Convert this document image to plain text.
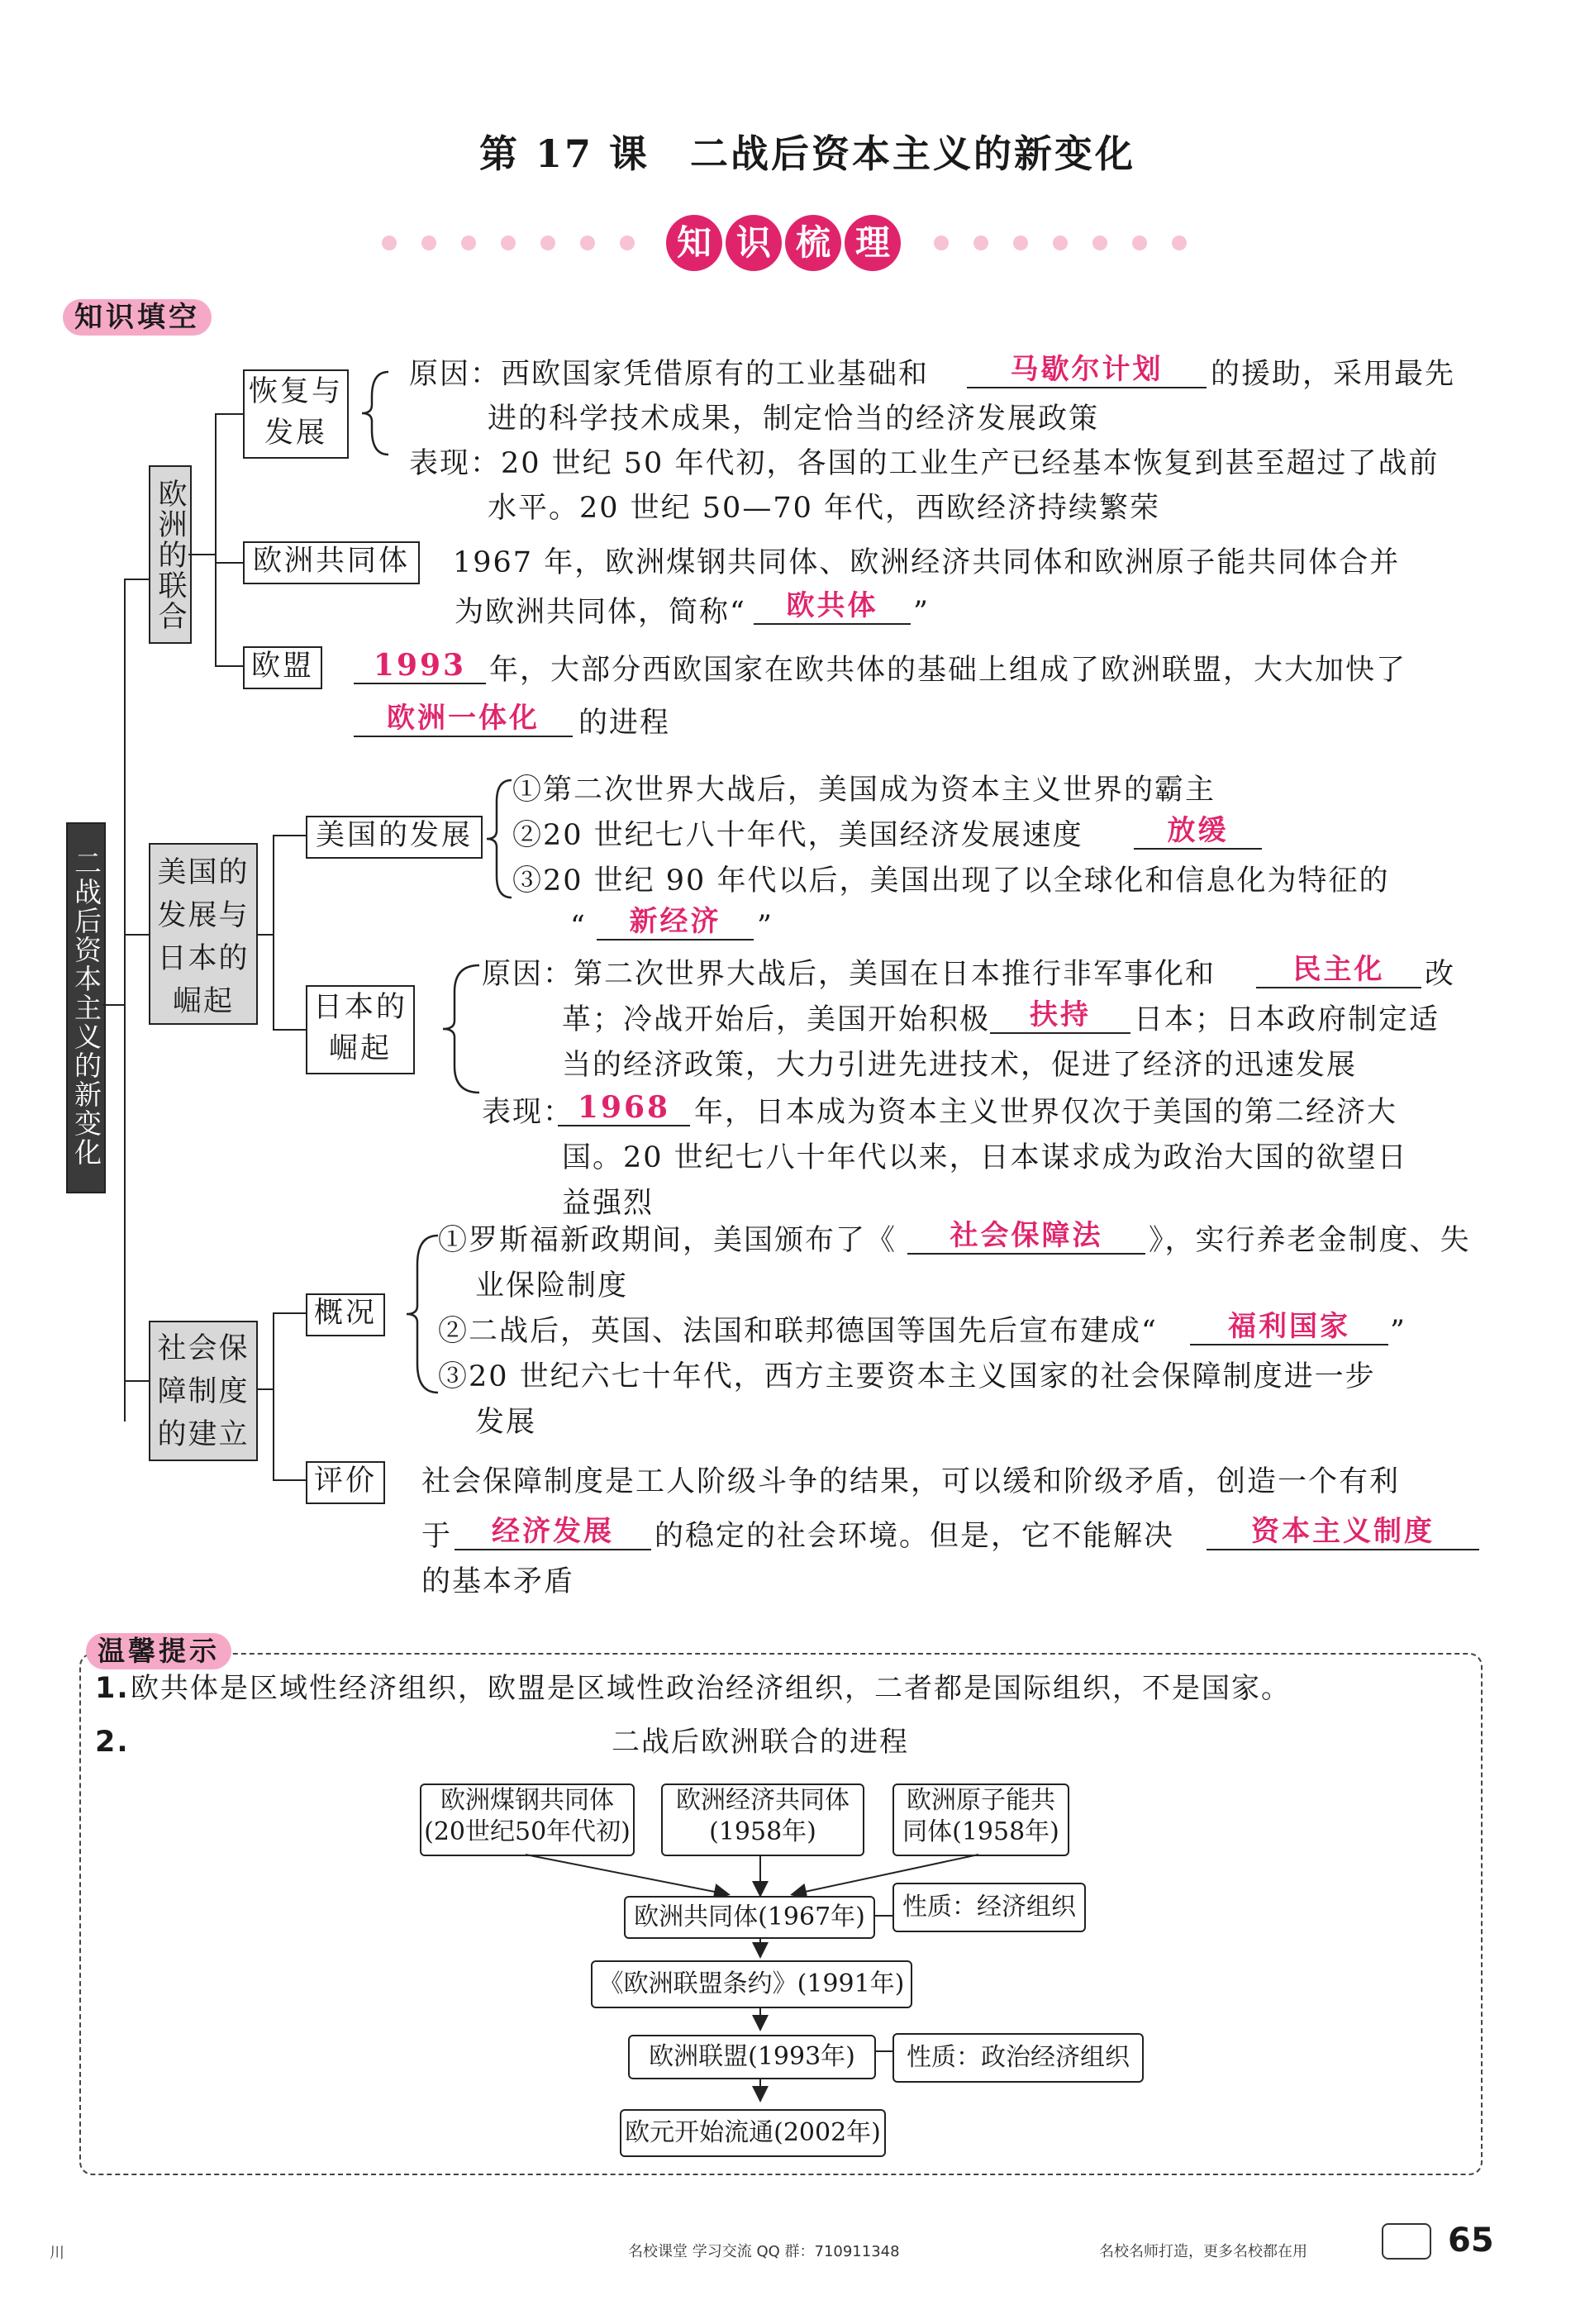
第 17 课　二战后资本主义的新变化
知 识 梳 理
知识填空
二战后资本主义的新变化
欧洲的联合
美国的发展与日本的崛起
社会保障制度的建立
恢复与发展
欧洲共同体
欧盟
原因：西欧国家凭借原有的工业基础和	马歇尔计划	的援助，采用最先
进的科学技术成果，制定恰当的经济发展政策
表现：20 世纪 50 年代初，各国的工业生产已经基本恢复到甚至超过了战前
水平。20 世纪 50—70 年代，西欧经济持续繁荣
1967 年，欧洲煤钢共同体、欧洲经济共同体和欧洲原子能共同体合并
为欧洲共同体，简称“	欧共体	”
1993 年，大部分西欧国家在欧共体的基础上组成了欧洲联盟，大大加快了
欧洲一体化	的进程
美国的发展
日本的崛起
①第二次世界大战后，美国成为资本主义世界的霸主
②20 世纪七八十年代，美国经济发展速度	放缓
③20 世纪 90 年代以后，美国出现了以全球化和信息化为特征的
“	新经济	”
原因：第二次世界大战后，美国在日本推行非军事化和	民主化	改
革；冷战开始后，美国开始积极	扶持	日本；日本政府制定适
当的经济政策，大力引进先进技术，促进了经济的迅速发展
表现： 1968 年，日本成为资本主义世界仅次于美国的第二经济大
国。20 世纪七八十年代以来，日本谋求成为政治大国的欲望日
益强烈
概况
评价
①罗斯福新政期间，美国颁布了《	社会保障法	》，实行养老金制度、失
业保险制度
②二战后，英国、法国和联邦德国等国先后宣布建成“	福利国家	”
③20 世纪六七十年代，西方主要资本主义国家的社会保障制度进一步
发展
社会保障制度是工人阶级斗争的结果，可以缓和阶级矛盾，创造一个有利
于	经济发展	的稳定的社会环境。但是，它不能解决	资本主义制度
的基本矛盾
温馨提示
1. 欧共体是区域性经济组织，欧盟是区域性政治经济组织，二者都是国际组织，不是国家。
2.	二战后欧洲联合的进程
欧洲煤钢共同体
(20世纪50年代初)
欧洲经济共同体
(1958年)
欧洲原子能共
同体(1958年)
欧洲共同体(1967年)	性质：经济组织
《欧洲联盟条约》(1991年)
欧洲联盟(1993年)	性质：政治经济组织
欧元开始流通(2002年)
川	名校课堂 学习交流 QQ 群：710911348	名校名师打造，更多名校都在用	65
